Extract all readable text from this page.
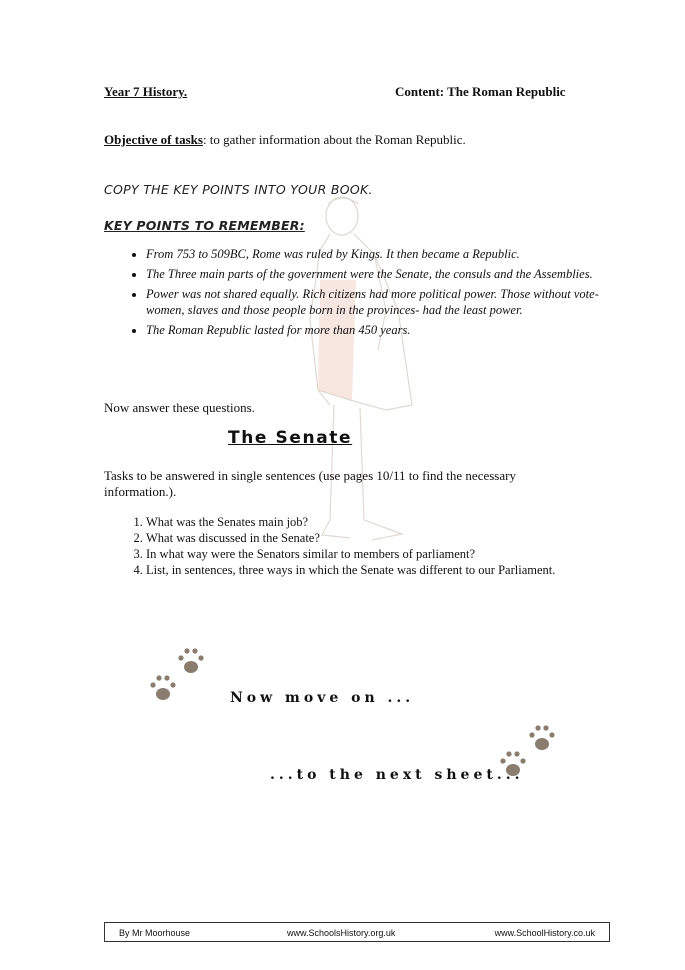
Year 7 History.	Content: The Roman Republic
Objective of tasks: to gather information about the Roman Republic.
COPY THE KEY POINTS INTO YOUR BOOK.
KEY POINTS TO REMEMBER:
• From 753 to 509BC, Rome was ruled by Kings. It then became a Republic.
• The Three main parts of the government were the Senate, the consuls and the Assemblies.
• Power was not shared equally. Rich citizens had more political power. Those without vote- women, slaves and those people born in the provinces- had the least power.
• The Roman Republic lasted for more than 450 years.
Now answer these questions.
The Senate
Tasks to be answered in single sentences (use pages 10/11 to find the necessary information.).
1. What was the Senates main job?
2. What was discussed in the Senate?
3. In what way were the Senators similar to members of parliament?
4. List, in sentences, three ways in which the Senate was different to our Parliament.
Now move on ...
...to the next sheet...
By Mr Moorhouse	www.SchoolsHistory.org.uk	www.SchoolHistory.co.uk
